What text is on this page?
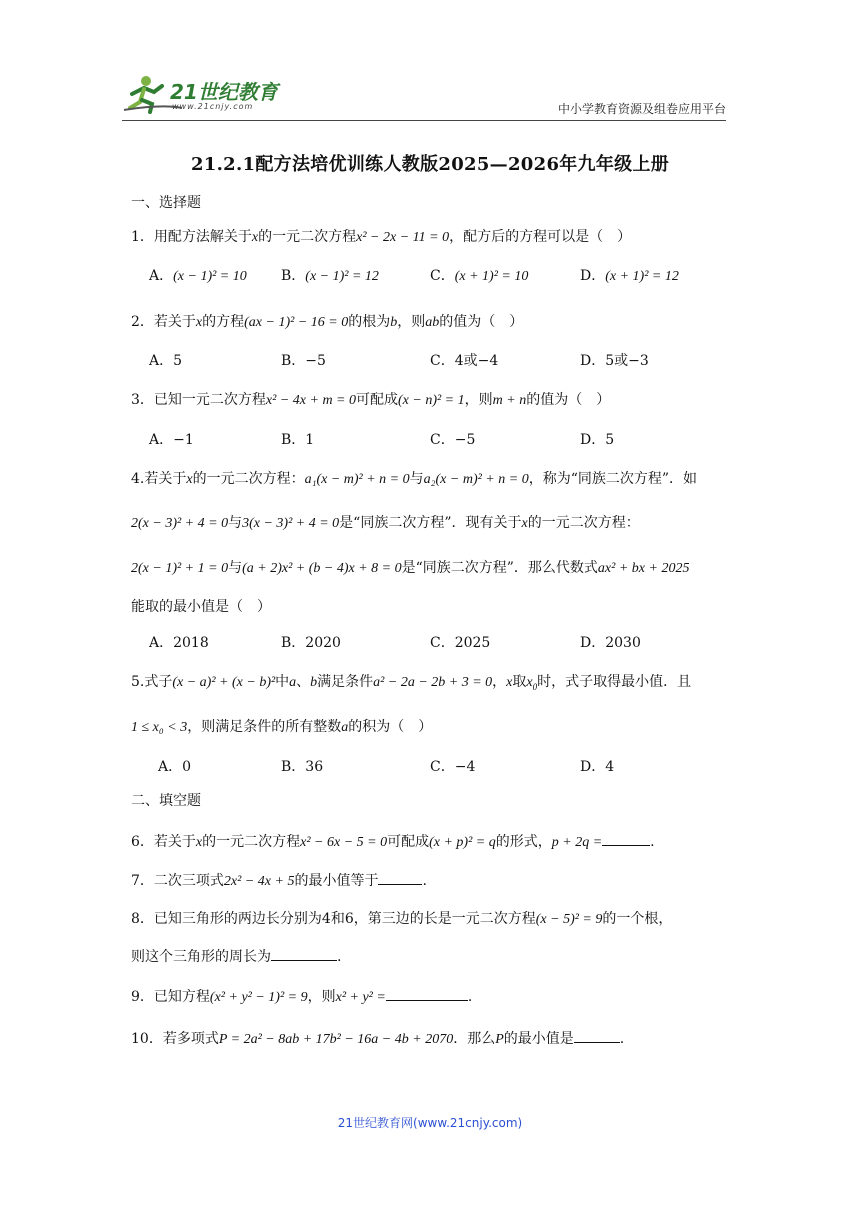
21世纪教育
www.21cnjy.com	中小学教育资源及组卷应用平台
21.2.1配方法培优训练人教版2025—2026年九年级上册
一、选择题
1．用配方法解关于x的一元二次方程x² − 2x − 11 = 0，配方后的方程可以是（　）
A．(x − 1)² = 10 B．(x − 1)² = 12	C．(x + 1)² = 10	D．(x + 1)² = 12
2．若关于x的方程(ax − 1)² − 16 = 0的根为b，则ab的值为（　）
A．5	B．−5	C．4或−4	D．5或−3
3．已知一元二次方程x² − 4x + m = 0可配成(x − n)² = 1，则m + n的值为（　）
A．−1	B．1	C．−5	D．5
4.若关于x的一元二次方程：a₁(x − m)² + n = 0与a₂(x − m)² + n = 0，称为“同族二次方程”．如
2(x − 3)² + 4 = 0与3(x − 3)² + 4 = 0是“同族二次方程”．现有关于x的一元二次方程：
2(x − 1)² + 1 = 0与(a + 2)x² + (b − 4)x + 8 = 0是“同族二次方程”．那么代数式ax² + bx + 2025
能取的最小值是（　）
A．2018	B．2020	C．2025	D．2030
5.式子(x − a)² + (x − b)²中a、b满足条件a² − 2a − 2b + 3 = 0，x取$x_0$时，式子取得最小值．且
1 ≤ x₀ < 3，则满足条件的所有整数a的积为（　）
A．0	B．36	C．−4	D．4
二、填空题
6．若关于x的一元二次方程x² − 6x − 5 = 0可配成(x + p)² = q的形式，p + 2q =	.
7．二次三项式2x² − 4x + 5的最小值等于	.
8．已知三角形的两边长分别为4和6，第三边的长是一元二次方程(x − 5)² = 9的一个根，
则这个三角形的周长为	.
9．已知方程(x² + y² − 1)² = 9，则x² + y² =	.
10．若多项式P = 2a² − 8ab + 17b² − 16a − 4b + 2070．那么P的最小值是	.
21世纪教育网(www.21cnjy.com)
